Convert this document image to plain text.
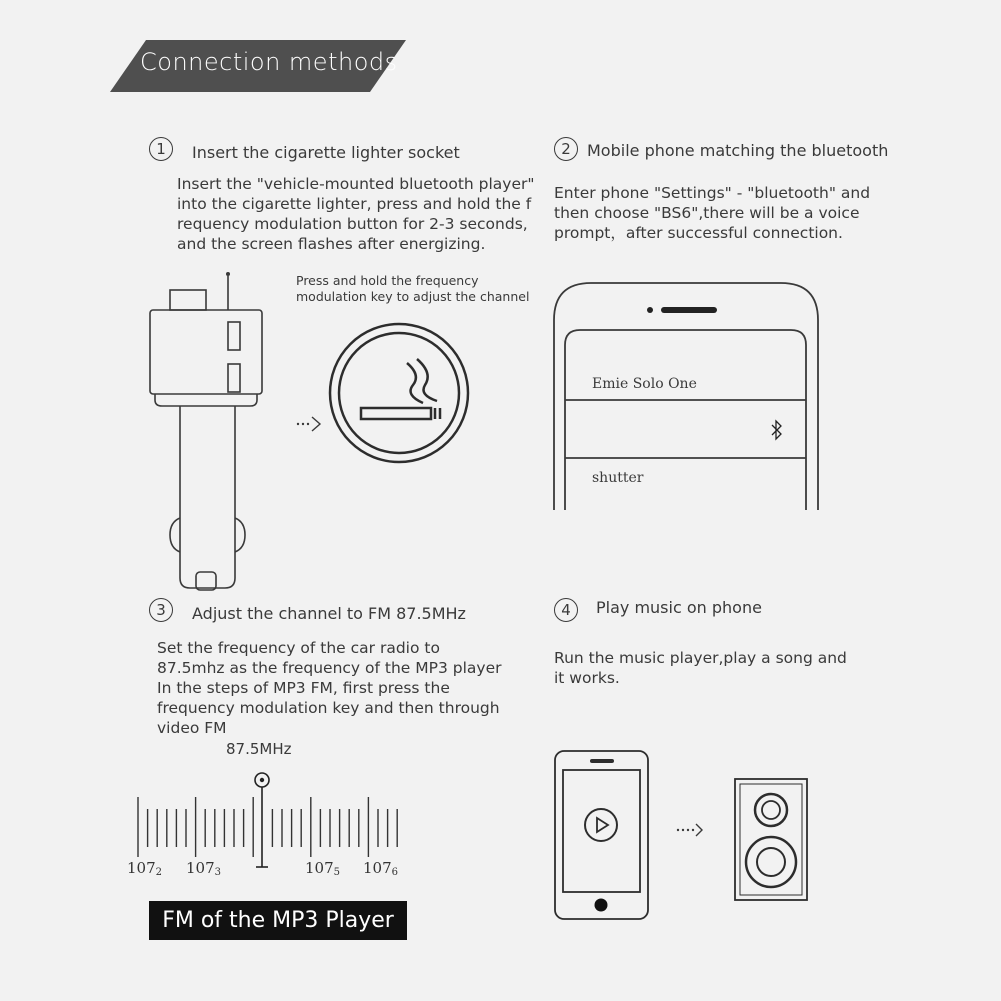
Connection methods
1	Insert the cigarette lighter socket
Insert the "vehicle-mounted bluetooth player"
into the cigarette lighter, press and hold the f
requency modulation button for 2-3 seconds,
and the screen flashes after energizing.
Press and hold the frequency
modulation key to adjust the channel
2	Mobile phone matching the bluetooth
Enter phone "Settings" - "bluetooth" and
then choose "BS6",there will be a voice
prompt，after successful connection.
Emie Solo One
shutter
3	Adjust the channel to FM 87.5MHz
Set the frequency of the car radio to
87.5mhz as the frequency of the MP3 player
In the steps of MP3 FM, first press the
frequency modulation key and then through
video FM
87.5MHz
$107_2$ $107_3$	$107_5$ $107_6$
FM of the MP3 Player
4	Play music on phone
Run the music player,play a song and
it works.
